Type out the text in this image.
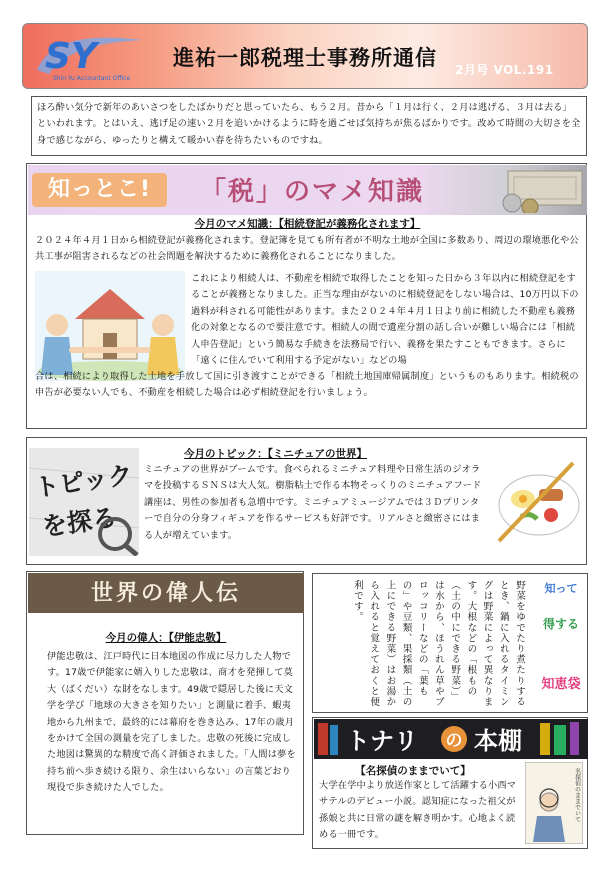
SY
Shin Yu Accountant Office
進祐一郎税理士事務所通信 2月号 VOL.191
ほろ酔い気分で新年のあいさつをしたばかりだと思っていたら、もう２月。昔から「１月は行く、２月は逃げる、３月は去る」といわれます。とはいえ、逃げ足の速い２月を追いかけるように時を過ごせば気持ちが焦るばかりです。改めて時間の大切さを全身で感じながら、ゆったりと構えて暖かい春を待ちたいものですね。
知っとこ!	「税」のマメ知識
今月のマメ知識：【相続登記が義務化されます】
２０２４年４月１日から相続登記が義務化されます。登記簿を見ても所有者が不明な土地が全国に多数あり、周辺の環境悪化や公共工事が阻害されるなどの社会問題を解決するために義務化されることになりました。
これにより相続人は、不動産を相続で取得したことを知った日から３年以内に相続登記をすることが義務となりました。正当な理由がないのに相続登記をしない場合は、10万円以下の過料が科される可能性があります。また２０２４年４月１日より前に相続した不動産も義務化の対象となるので要注意です。相続人の間で遺産分割の話し合いが難しい場合には「相続人申告登記」という簡易な手続きを法務局で行い、義務を果たすこともできます。さらに「遠くに住んでいて利用する予定がない」などの場
合は、相続により取得した土地を手放して国に引き渡すことができる「相続土地国庫帰属制度」というものもあります。相続税の申告が必要ない人でも、不動産を相続した場合は必ず相続登記を行いましょう。
トピック
を探る
今月のトピック：【ミニチュアの世界】
ミニチュアの世界がブームです。食べられるミニチュア料理や日常生活のジオラマを投稿するＳＮＳは大人気。樹脂粘土で作る本物そっくりのミニチュアフード講座は、男性の参加者も急増中です。ミニチュアミュージアムでは３Ｄプリンターで自分の分身フィギュアを作るサービスも好評です。リアルさと緻密さにはまる人が増えています。
世界の偉人伝
今月の偉人：【伊能忠敬】
伊能忠敬は、江戸時代に日本地図の作成に尽力した人物です。17歳で伊能家に婿入りした忠敬は、商才を発揮して莫大（ばくだい）な財をなします。49歳で隠居した後に天文学を学び「地球の大きさを知りたい」と測量に着手、蝦夷地から九州まで、最終的には幕府を巻き込み、17年の歳月をかけて全国の測量を完了しました。忠敬の死後に完成した地図は驚異的な精度で高く評価されました。「人間は夢を持ち前へ歩き続ける限り、余生はいらない」の言葉どおり現役で歩き続けた人でした。
野菜をゆでたり煮たりするとき、鍋に入れるタイミングは野菜によって異なります。大根などの「根もの（土の中にできる野菜）」は水から、ほうれん草やブロッコリーなどの「葉もの」や豆類、果採類（土の上にできる野菜）はお湯から入れると覚えておくと便利です。	知って
得する
知恵袋
トナリ の 本棚
【名探偵のままでいて】
大学在学中より放送作家として活躍する小西マサテルのデビュー小説。認知症になった祖父が孫娘と共に日常の謎を解き明かす。心地よく読める一冊です。
名探偵のままでいて
